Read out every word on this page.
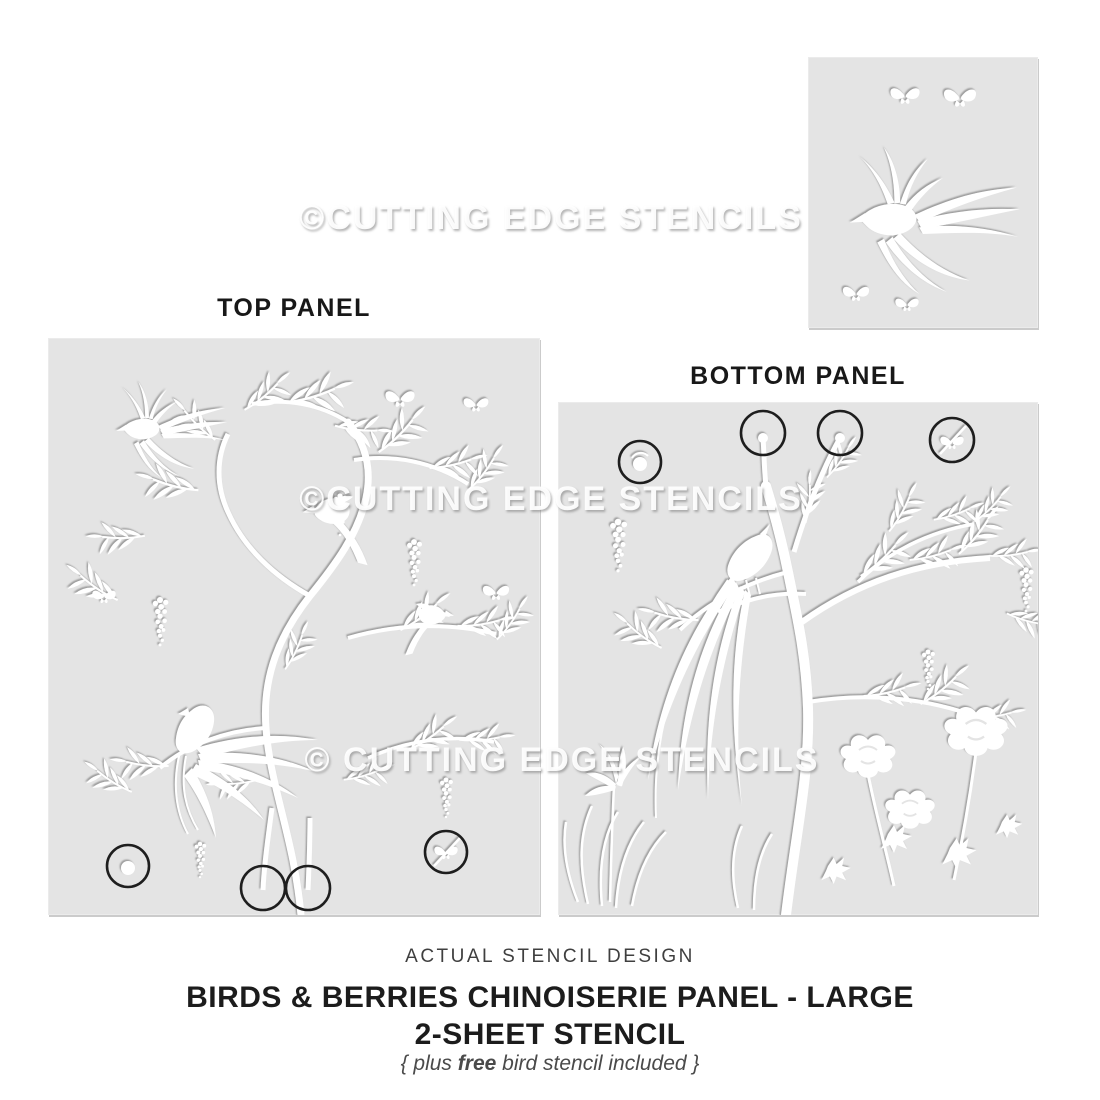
TOP PANEL
BOTTOM PANEL
©CUTTING EDGE STENCILS
©CUTTING EDGE STENCILS
© CUTTING EDGE STENCILS
ACTUAL STENCIL DESIGN
BIRDS & BERRIES CHINOISERIE PANEL - LARGE
2-SHEET STENCIL
{ plus free bird stencil included }
